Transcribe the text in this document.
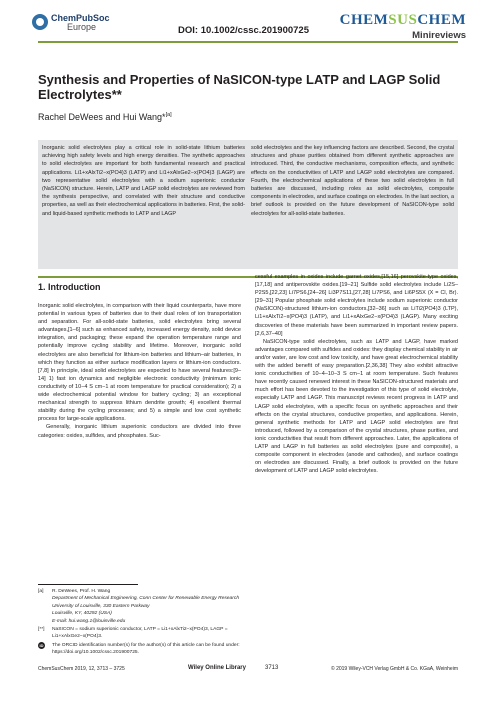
ChemPubSoc
Europe	DOI: 10.1002/cssc.201900725
CHEMSUSCHEM
Minireviews
Synthesis and Properties of NaSICON-type LATP and LAGP Solid Electrolytes**
Rachel DeWees and Hui Wang*[a]
Inorganic solid electrolytes play a critical role in solid-state lithium batteries achieving high safety levels and high energy densities. The synthetic approaches to solid electrolytes are important for both fundamental research and practical applications. Li1+xAlxTi2−x(PO4)3 (LATP) and Li1+xAlxGe2−x(PO4)3 (LAGP) are two representative solid electrolytes with a sodium superionic conductor (NaSICON) structure. Herein, LATP and LAGP solid electrolytes are reviewed from the synthesis perspective, and correlated with their structure and conductive properties, as well as their electrochemical applications in batteries. First, the solid- and liquid-based synthetic methods to LATP and LAGP
solid electrolytes and the key influencing factors are described. Second, the crystal structures and phase purities obtained from different synthetic approaches are introduced. Third, the conductive mechanisms, composition effects, and synthetic effects on the conductivities of LATP and LAGP solid electrolytes are compared. Fourth, the electrochemical applications of these two solid electrolytes in full batteries are discussed, including roles as solid electrolytes, composite components in electrodes, and surface coatings on electrodes. In the last section, a brief outlook is provided on the future development of NaSICON-type solid electrolytes for all-solid-state batteries.
1. Introduction

Inorganic solid electrolytes, in comparison with their liquid counterparts, have more potential in various types of batteries due to their dual roles of ion transportation and separation. For all-solid-state batteries, solid electrolytes bring several advantages,[1–6] such as enhanced safety, increased energy density, solid device integration, and packaging; these expand the operation temperature range and potentially improve cycling stability and lifetime. Moreover, inorganic solid electrolytes are also beneficial for lithium-ion batteries and lithium–air batteries, in which they function as either surface modification layers or lithium-ion conductors.[7,8] In principle, ideal solid electrolytes are expected to have several features:[9–14] 1) fast ion dynamics and negligible electronic conductivity (minimum ionic conductivity of 10−4 S cm−1 at room temperature for practical consideration); 2) a wide electrochemical potential window for battery cycling; 3) an exceptional mechanical strength to suppress lithium dendrite growth; 4) excellent thermal stability during the cycling processes; and 5) a simple and low cost synthetic process for large-scale applications.

Generally, inorganic lithium superionic conductors are divided into three categories: oxides, sulfides, and phosphates. Suc-

cessful examples in oxides include garnet oxides,[15,16] perovskite-type oxides,[17,18] and antiperovskite oxides.[19–21] Sulfide solid electrolytes include Li2S–P2S5,[22,23] Li7PS6,[24–26] Li3P7S11,[27,28] Li7PS6, and Li6PS5X (X = Cl, Br).[29–31] Popular phosphate solid electrolytes include sodium superionic conductor (NaSICON)-structured lithium-ion conductors,[32–36] such as LiTi2(PO4)3 (LTP), Li1+xAlxTi2−x(PO4)3 (LATP), and Li1+xAlxGe2−x(PO4)3 (LAGP). Many exciting discoveries of these materials have been summarized in important review papers.[2,6,37–40]

NaSICON-type solid electrolytes, such as LATP and LAGP, have marked advantages compared with sulfides and oxides: they display chemical stability in air and/or water, are low cost and low toxicity, and have great electrochemical stability with the added benefit of easy preparation.[2,36,38] They also exhibit attractive ionic conductivities of 10−4–10−3 S cm−1 at room temperature. Such features have recently caused renewed interest in these NaSICON-structured materials and much effort has been devoted to the investigation of this type of solid electrolyte, especially LATP and LAGP. This manuscript reviews recent progress in LATP and LAGP solid electrolytes, with a specific focus on synthetic approaches and their effects on the crystal structures, conductive properties, and applications. Herein, general synthetic methods for LATP and LAGP solid electrolytes are first introduced, followed by a comparison of the crystal structures, phase purities, and ionic conductivities that result from different approaches. Later, the applications of LATP and LAGP in full batteries as solid electrolytes (pure and composite), a composite component in electrodes (anode and cathodes), and surface coatings on electrodes are discussed. Finally, a brief outlook is provided on the future development of LATP and LAGP solid electrolytes.

[a]	R. DeWees, Prof. H. Wang
Department of Mechanical Engineering, Conn Center for Renewable Energy Research
University of Louisville, 330 Eastern Parkway
Louisville, KY, 40292 (USA)
E-mail: hui.wang.1@louisville.edu
[**]	NaSICON = sodium superionic conductor, LATP = Li1+xAlxTi2−x(PO4)3, LAGP = Li1+xAlxGe2−x(PO4)3.
iD	The ORCID identification number(s) for the author(s) of this article can be found under:
https://doi.org/10.1002/cssc.201900725.
ChemSusChem 2019, 12, 3713 – 3725	Wiley Online Library	3713	© 2019 Wiley-VCH Verlag GmbH & Co. KGaA, Weinheim
